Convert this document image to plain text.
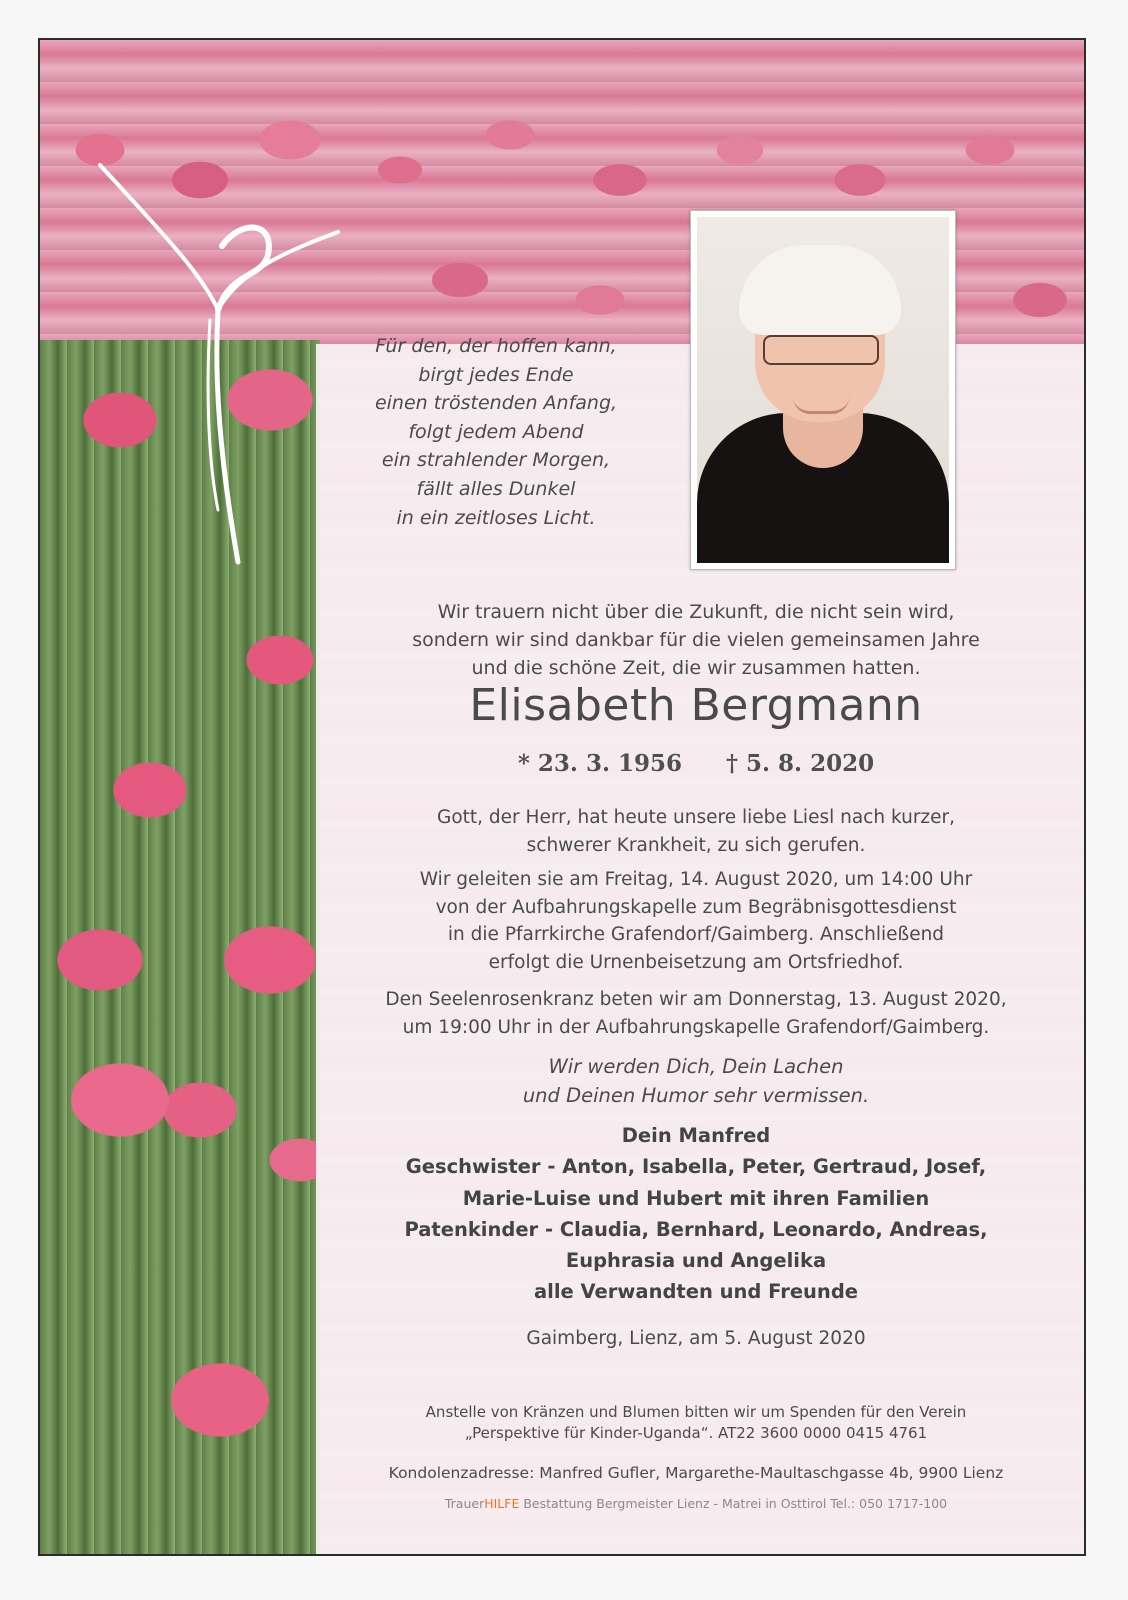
Für den, der hoffen kann,
birgt jedes Ende
einen tröstenden Anfang,
folgt jedem Abend
ein strahlender Morgen,
fällt alles Dunkel
in ein zeitloses Licht.
Wir trauern nicht über die Zukunft, die nicht sein wird,
sondern wir sind dankbar für die vielen gemeinsamen Jahre
und die schöne Zeit, die wir zusammen hatten.
Elisabeth Bergmann
* 23. 3. 1956 † 5. 8. 2020
Gott, der Herr, hat heute unsere liebe Liesl nach kurzer,
schwerer Krankheit, zu sich gerufen.
Wir geleiten sie am Freitag, 14. August 2020, um 14:00 Uhr
von der Aufbahrungskapelle zum Begräbnisgottesdienst
in die Pfarrkirche Grafendorf/Gaimberg. Anschließend
erfolgt die Urnenbeisetzung am Ortsfriedhof.
Den Seelenrosenkranz beten wir am Donnerstag, 13. August 2020,
um 19:00 Uhr in der Aufbahrungskapelle Grafendorf/Gaimberg.
Wir werden Dich, Dein Lachen
und Deinen Humor sehr vermissen.
Dein Manfred
Geschwister - Anton, Isabella, Peter, Gertraud, Josef,
Marie-Luise und Hubert mit ihren Familien
Patenkinder - Claudia, Bernhard, Leonardo, Andreas,
Euphrasia und Angelika
alle Verwandten und Freunde
Gaimberg, Lienz, am 5. August 2020
Anstelle von Kränzen und Blumen bitten wir um Spenden für den Verein
„Perspektive für Kinder-Uganda“. AT22 3600 0000 0415 4761
Kondolenzadresse: Manfred Gufler, Margarethe-Maultaschgasse 4b, 9900 Lienz
TrauerHILFE Bestattung Bergmeister Lienz - Matrei in Osttirol Tel.: 050 1717-100
